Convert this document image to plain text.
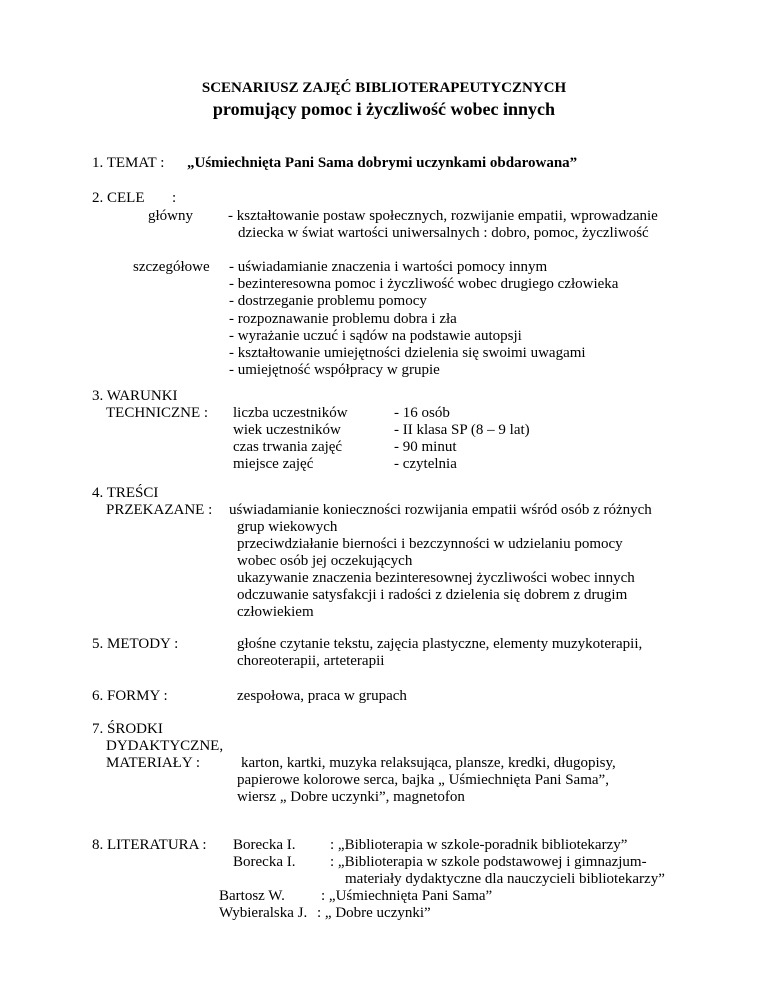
SCENARIUSZ ZAJĘĆ BIBLIOTERAPEUTYCZNYCH
promujący pomoc i życzliwość wobec innych
1. TEMAT : „Uśmiechnięta Pani Sama dobrymi uczynkami obdarowana”
2. CELE :
główny - kształtowanie postaw społecznych, rozwijanie empatii, wprowadzanie
dziecka w świat wartości uniwersalnych : dobro, pomoc, życzliwość
szczegółowe - uświadamianie znaczenia i wartości pomocy innym
- bezinteresowna pomoc i życzliwość wobec drugiego człowieka
- dostrzeganie problemu pomocy
- rozpoznawanie problemu dobra i zła
- wyrażanie uczuć i sądów na podstawie autopsji
- kształtowanie umiejętności dzielenia się swoimi uwagami
- umiejętność współpracy w grupie
3. WARUNKI
TECHNICZNE : liczba uczestników	- 16 osób
wiek uczestników	- II klasa SP (8 – 9 lat)
czas trwania zajęć	- 90 minut
miejsce zajęć	- czytelnia
4. TREŚCI
PRZEKAZANE : uświadamianie konieczności rozwijania empatii wśród osób z różnych
grup wiekowych
przeciwdziałanie bierności i bezczynności w udzielaniu pomocy
wobec osób jej oczekujących
ukazywanie znaczenia bezinteresownej życzliwości wobec innych
odczuwanie satysfakcji i radości z dzielenia się dobrem z drugim
człowiekiem
5. METODY :	głośne czytanie tekstu, zajęcia plastyczne, elementy muzykoterapii,
choreoterapii, arteterapii
6. FORMY :	zespołowa, praca w grupach
7. ŚRODKI
DYDAKTYCZNE,
MATERIAŁY :	karton, kartki, muzyka relaksująca, plansze, kredki, długopisy,
papierowe kolorowe serca, bajka „ Uśmiechnięta Pani Sama”,
wiersz „ Dobre uczynki”, magnetofon
8. LITERATURA : Borecka I. : „Biblioterapia w szkole-poradnik bibliotekarzy”
Borecka I. : „Biblioterapia w szkole podstawowej i gimnazjum-
materiały dydaktyczne dla nauczycieli bibliotekarzy”
Bartosz W. : „Uśmiechnięta Pani Sama”
Wybieralska J. : „ Dobre uczynki”
